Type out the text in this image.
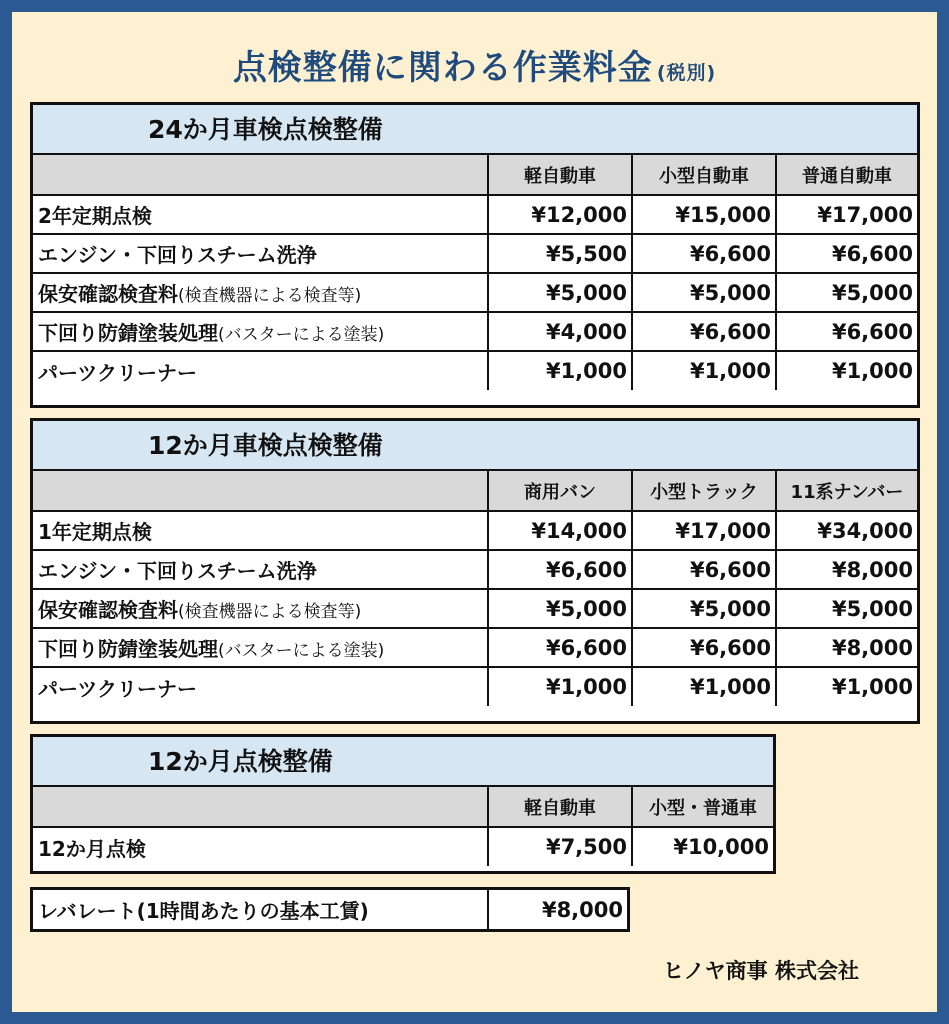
点検整備に関わる作業料金 (税別)
24か月車検点検整備
	軽自動車	小型自動車	普通自動車
2年定期点検	¥12,000	¥15,000	¥17,000
エンジン・下回りスチーム洗浄	¥5,500	¥6,600	¥6,600
保安確認検査料(検査機器による検査等)	¥5,000	¥5,000	¥5,000
下回り防錆塗装処理(バスターによる塗装)	¥4,000	¥6,600	¥6,600
パーツクリーナー	¥1,000	¥1,000	¥1,000
12か月車検点検整備
	商用バン	小型トラック	11系ナンバー
1年定期点検	¥14,000	¥17,000	¥34,000
エンジン・下回りスチーム洗浄	¥6,600	¥6,600	¥8,000
保安確認検査料(検査機器による検査等)	¥5,000	¥5,000	¥5,000
下回り防錆塗装処理(バスターによる塗装)	¥6,600	¥6,600	¥8,000
パーツクリーナー	¥1,000	¥1,000	¥1,000
12か月点検整備
	軽自動車	小型・普通車
12か月点検	¥7,500	¥10,000
レバレート(1時間あたりの基本工賃)	¥8,000
ヒノヤ商事 株式会社
